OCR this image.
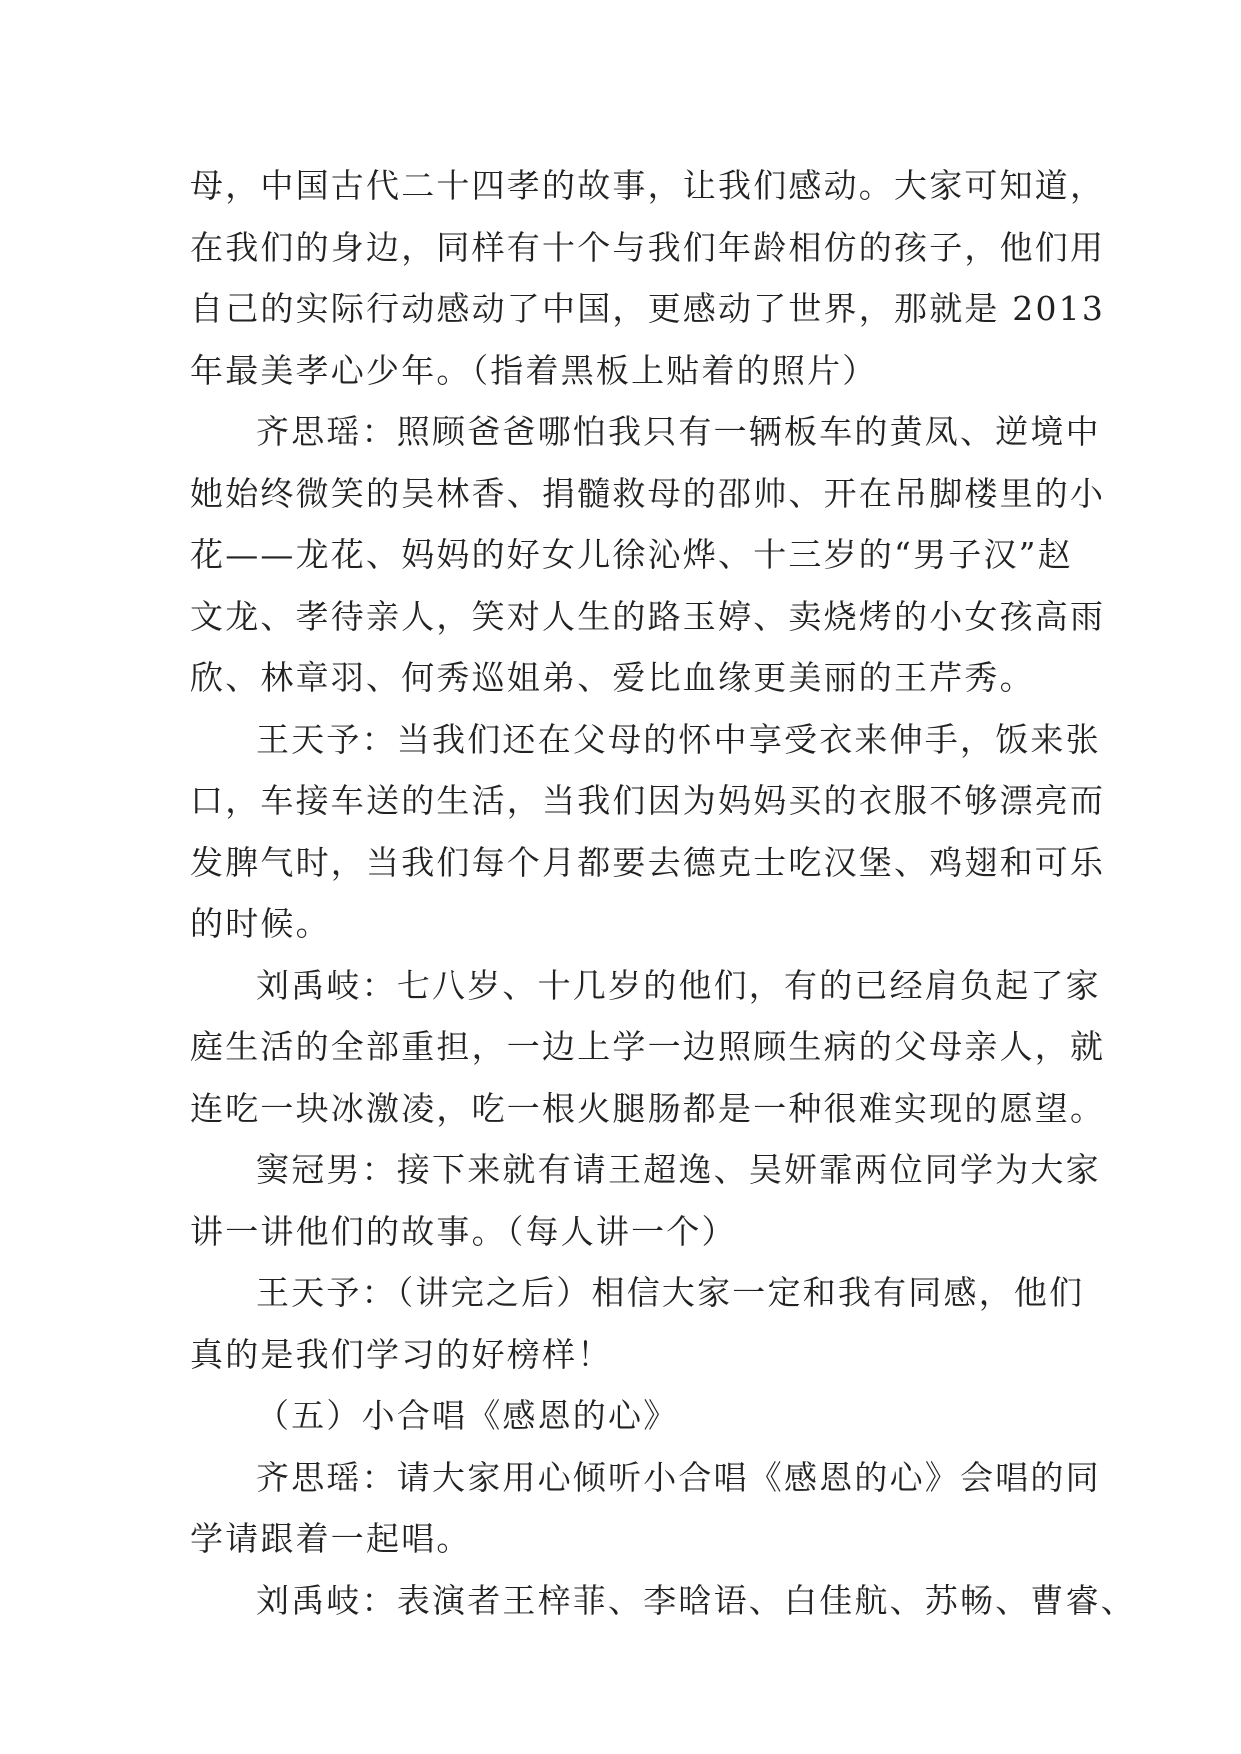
母，中国古代二十四孝的故事，让我们感动。大家可知道，
在我们的身边，同样有十个与我们年龄相仿的孩子，他们用
自己的实际行动感动了中国，更感动了世界，那就是 2013
年最美孝心少年。（指着黑板上贴着的照片）
齐思瑶：照顾爸爸哪怕我只有一辆板车的黄凤、逆境中
她始终微笑的吴林香、捐髓救母的邵帅、开在吊脚楼里的小
花——龙花、妈妈的好女儿徐沁烨、十三岁的“男子汉”赵
文龙、孝待亲人，笑对人生的路玉婷、卖烧烤的小女孩高雨
欣、林章羽、何秀巡姐弟、爱比血缘更美丽的王芹秀。
王天予：当我们还在父母的怀中享受衣来伸手，饭来张
口，车接车送的生活，当我们因为妈妈买的衣服不够漂亮而
发脾气时，当我们每个月都要去德克士吃汉堡、鸡翅和可乐
的时候。
刘禹岐：七八岁、十几岁的他们，有的已经肩负起了家
庭生活的全部重担，一边上学一边照顾生病的父母亲人，就
连吃一块冰激凌，吃一根火腿肠都是一种很难实现的愿望。
窦冠男：接下来就有请王超逸、吴妍霏两位同学为大家
讲一讲他们的故事。（每人讲一个）
王天予：（讲完之后）相信大家一定和我有同感，他们
真的是我们学习的好榜样！
（五）小合唱《感恩的心》
齐思瑶：请大家用心倾听小合唱《感恩的心》会唱的同
学请跟着一起唱。
刘禹岐：表演者王梓菲、李晗语、白佳航、苏畅、曹睿、
